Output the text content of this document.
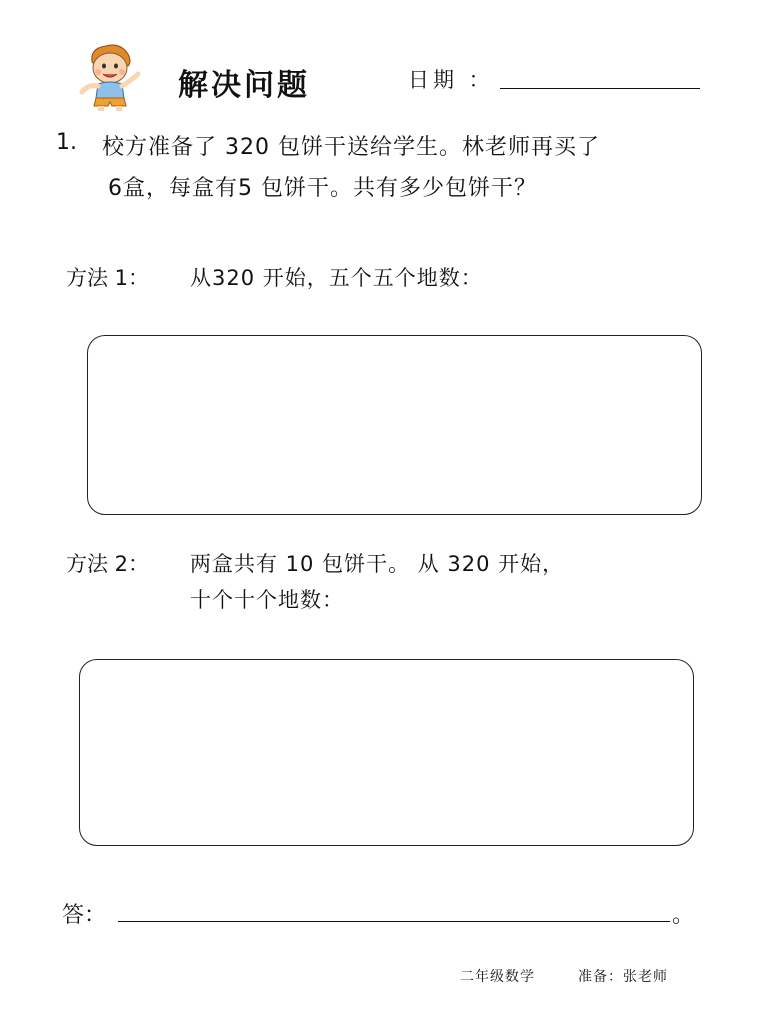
解决问题	日期 ：
1. 校方准备了 320 包饼干送给学生。林老师再买了
6盒，每盒有5 包饼干。共有多少包饼干？
方法 1： 从320 开始，五个五个地数：
方法 2： 两盒共有 10 包饼干。 从 320 开始，
十个十个地数：
答：	。
二年级数学	准备：张老师
